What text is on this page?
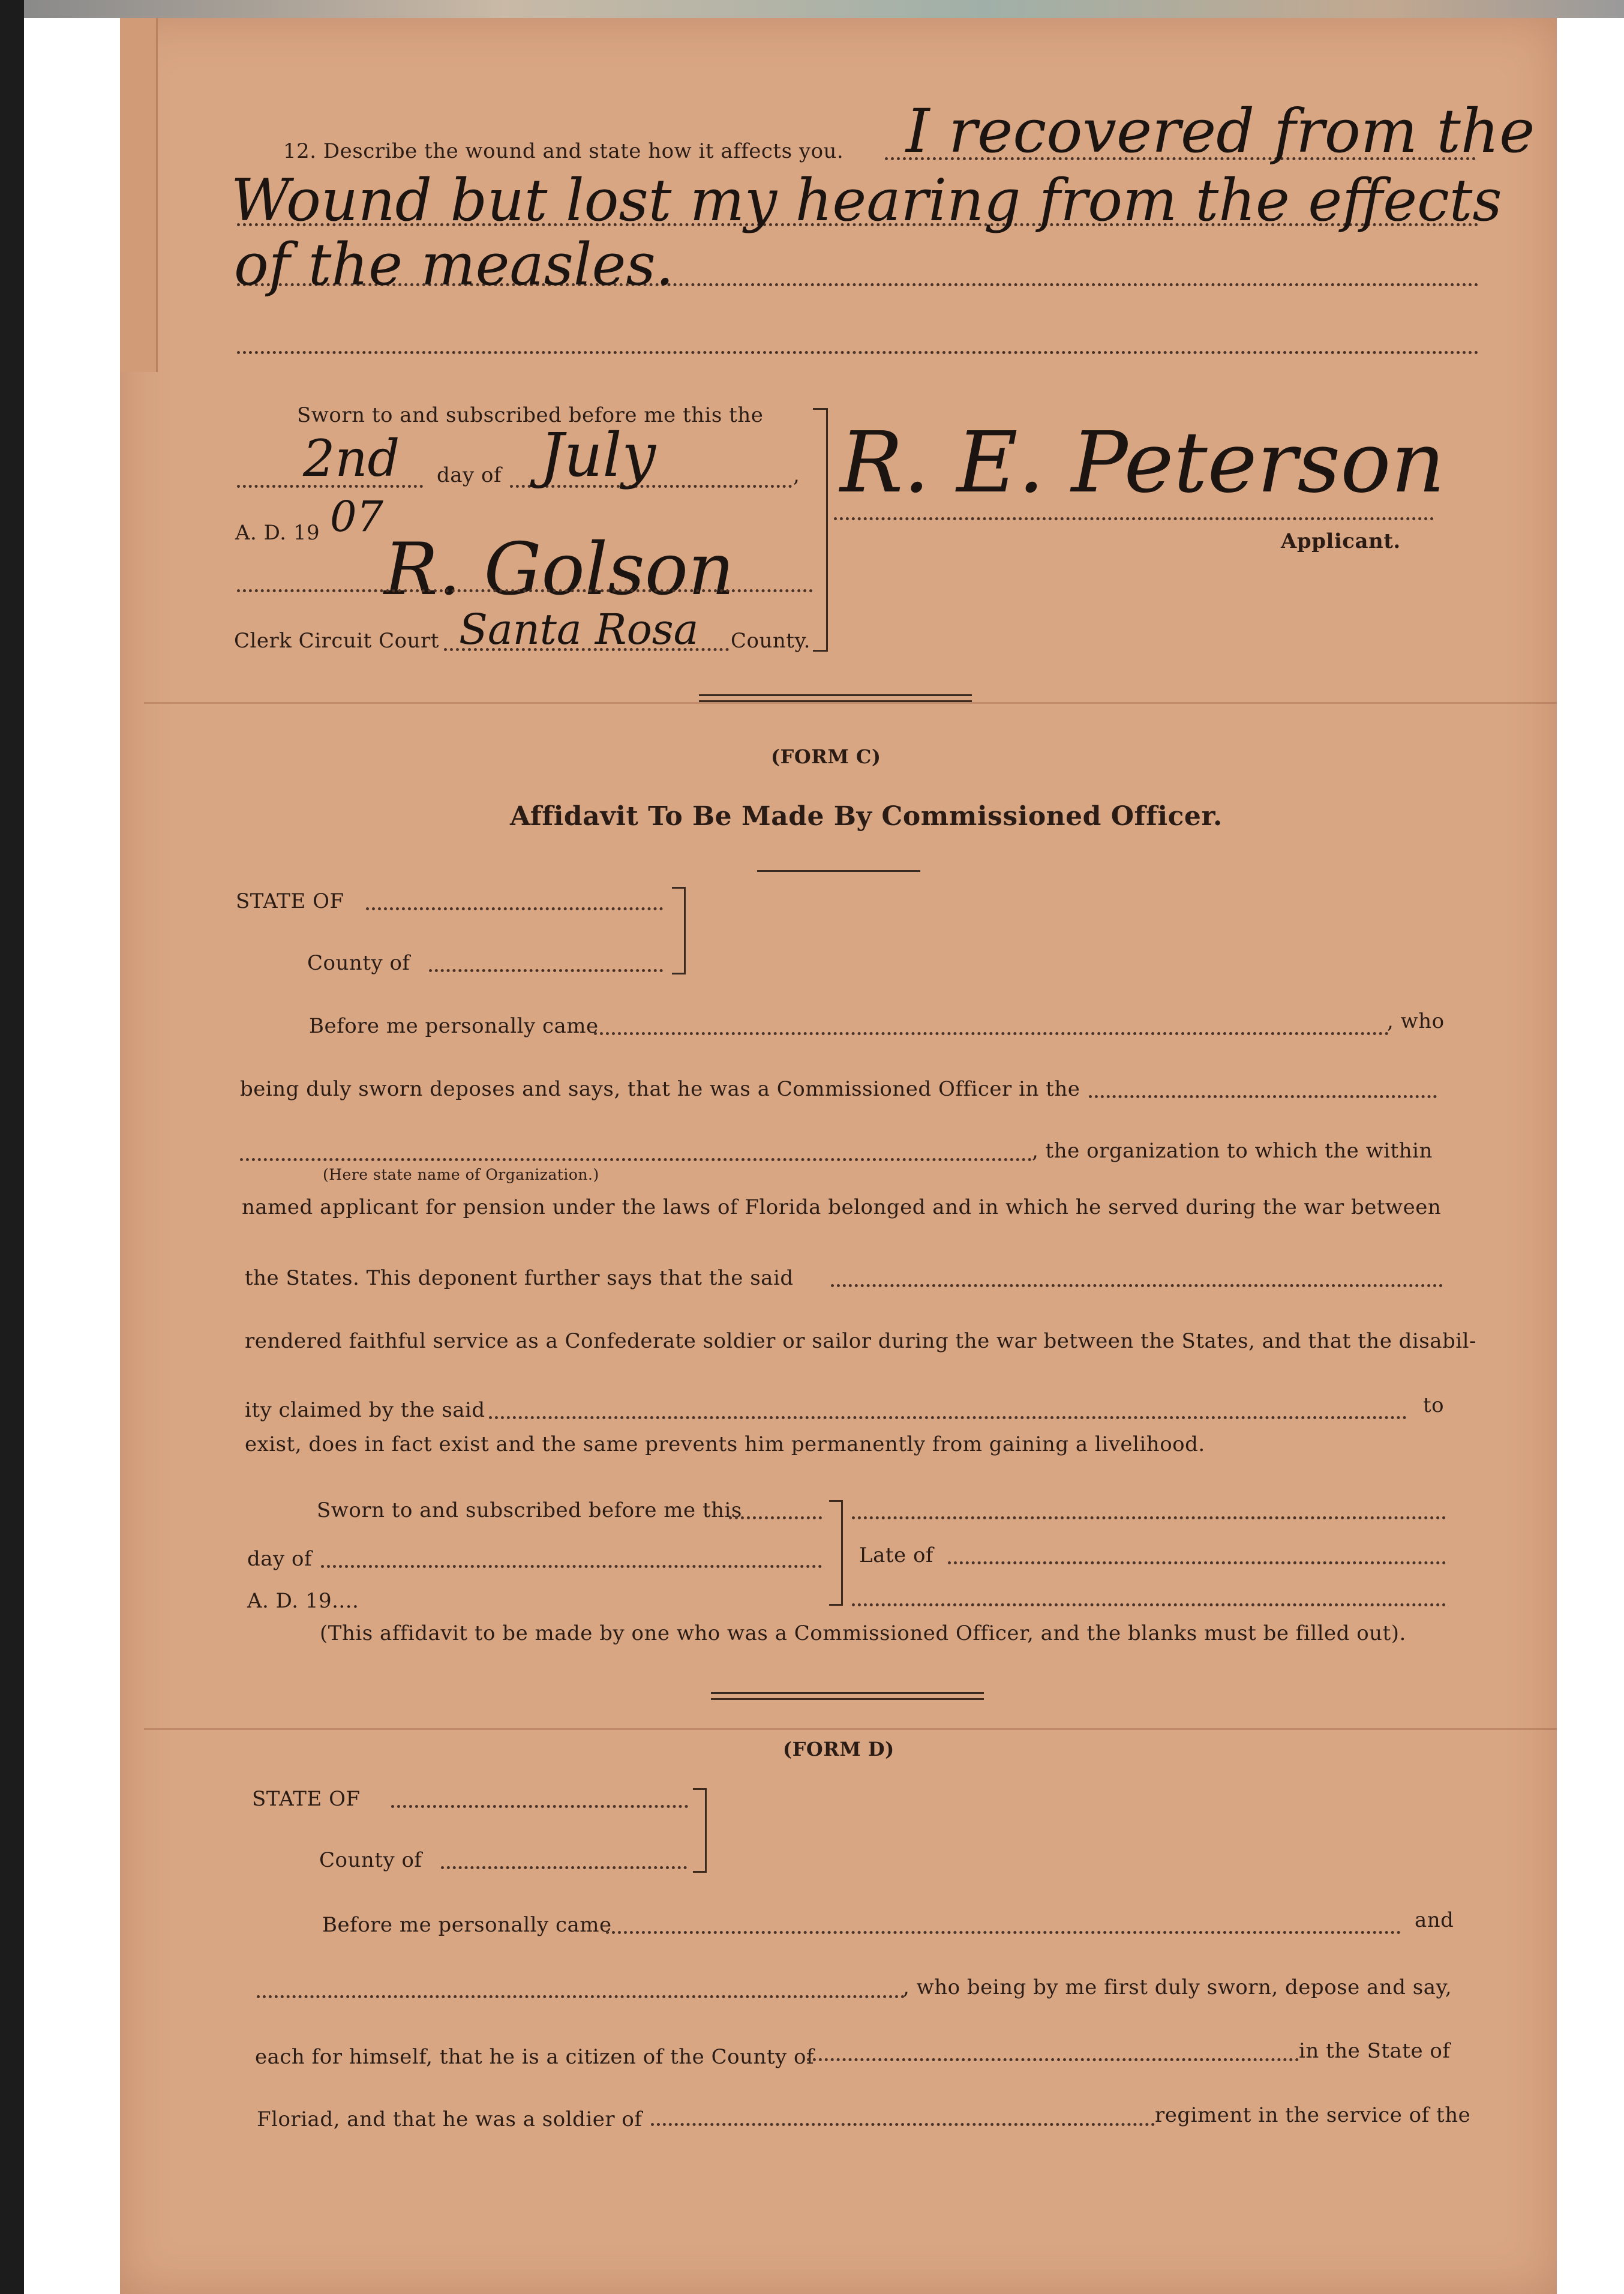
12. Describe the wound and state how it affects you. I recovered from the
Wound but lost my hearing from the effects
of the measles.
Sworn to and subscribed before me this the
2nd day of July	,
A. D. 19 07
R. Golson
Clerk Circuit Court Santa Rosa County.
R. E. Peterson
Applicant.
(FORM C)
Affidavit To Be Made By Commissioned Officer.
STATE OF
County of
Before me personally came	, who
being duly sworn deposes and says, that he was a Commissioned Officer in the
, the organization to which the within
(Here state name of Organization.)
named applicant for pension under the laws of Florida belonged and in which he served during the war between
the States. This deponent further says that the said
rendered faithful service as a Confederate soldier or sailor during the war between the States, and that the disabil-
ity claimed by the said	to
exist, does in fact exist and the same prevents him permanently from gaining a livelihood.
Sworn to and subscribed before me this
day of	Late of
A. D. 19....
(This affidavit to be made by one who was a Commissioned Officer, and the blanks must be filled out).
(FORM D)
STATE OF
County of
Before me personally came	and
, who being by me first duly sworn, depose and say,
each for himself, that he is a citizen of the County of	in the State of
Floriad, and that he was a soldier of	regiment in the service of the
